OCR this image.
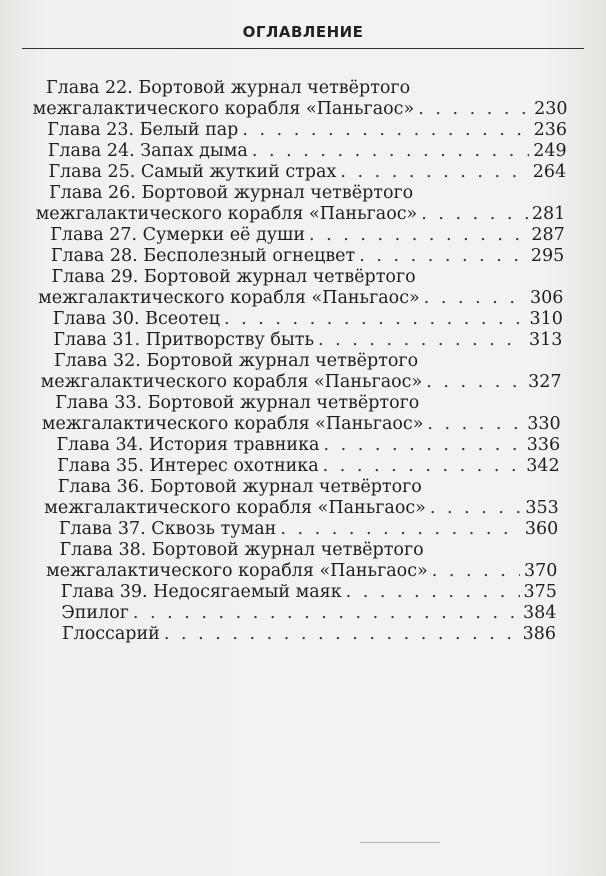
ОГЛАВЛЕНИЕ
Глава 22. Бортовой журнал четвёртого
межгалактического корабля «Паньгаос» . . .	230
Глава 23. Белый пар . . .	236
Глава 24. Запах дыма . . .	249
Глава 25. Самый жуткий страх . . .	264
Глава 26. Бортовой журнал четвёртого
межгалактического корабля «Паньгаос» . . .	281
Глава 27. Сумерки её души . . .	287
Глава 28. Бесполезный огнецвет . . .	295
Глава 29. Бортовой журнал четвёртого
межгалактического корабля «Паньгаос» . . .	306
Глава 30. Всеотец . . .	310
Глава 31. Притворству быть . . .	313
Глава 32. Бортовой журнал четвёртого
межгалактического корабля «Паньгаос» . . .	327
Глава 33. Бортовой журнал четвёртого
межгалактического корабля «Паньгаос» . . .	330
Глава 34. История травника . . .	336
Глава 35. Интерес охотника . . .	342
Глава 36. Бортовой журнал четвёртого
межгалактического корабля «Паньгаос» . . .	353
Глава 37. Сквозь туман . . .	360
Глава 38. Бортовой журнал четвёртого
межгалактического корабля «Паньгаос» . . .	370
Глава 39. Недосягаемый маяк . . .	375
Эпилог . . .	384
Глоссарий . . .	386
